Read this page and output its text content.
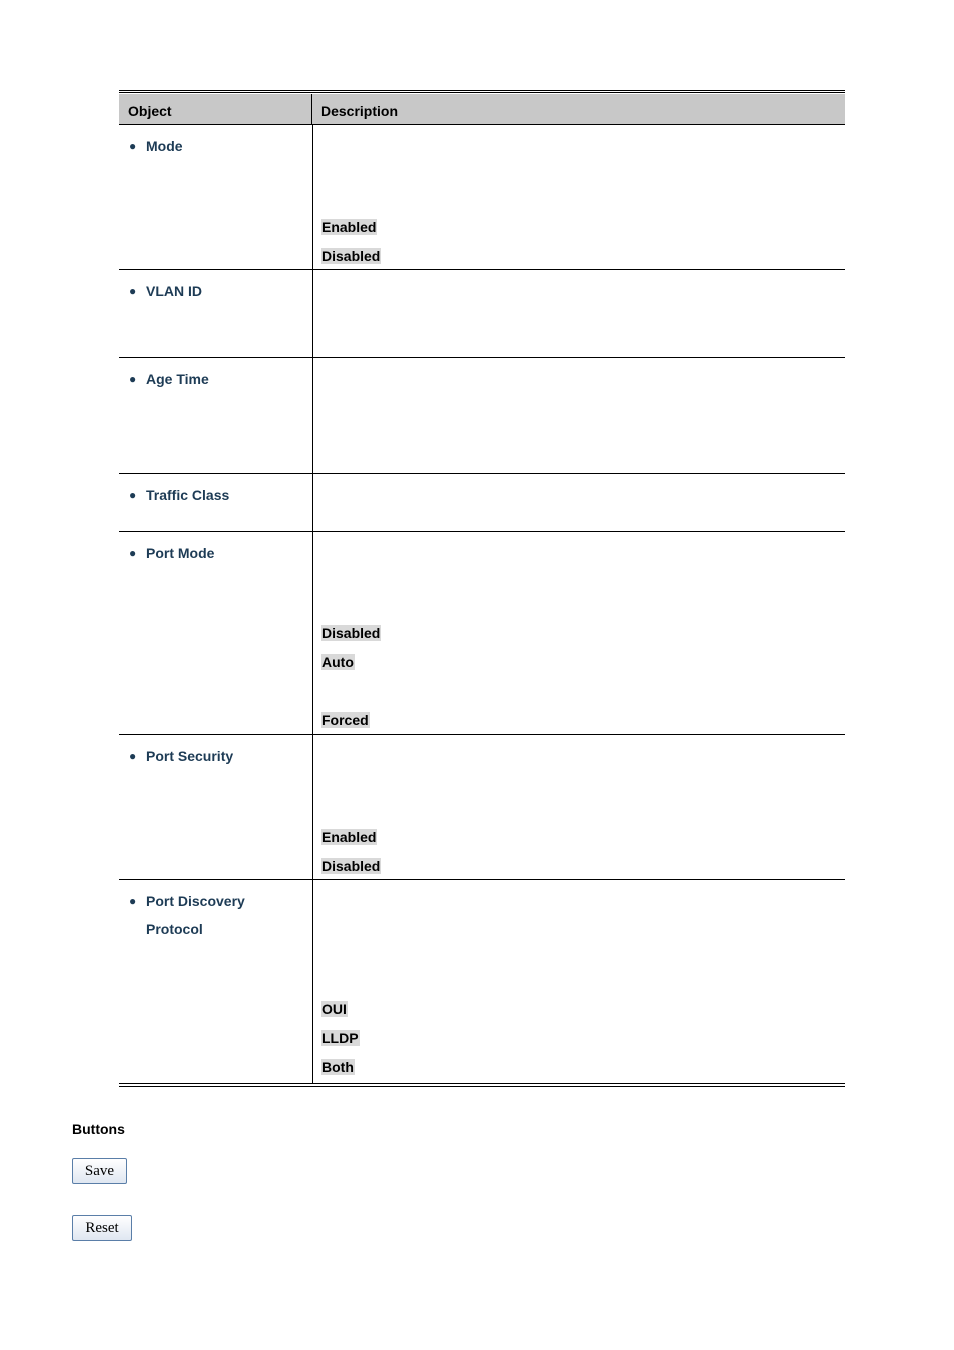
Object	Description
● Mode
Enabled
Disabled
● VLAN ID
● Age Time
● Traffic Class
● Port Mode
Disabled
Auto
Forced
● Port Security
Enabled
Disabled
● Port Discovery
Protocol
OUI
LLDP
Both
Buttons
Save
Reset
